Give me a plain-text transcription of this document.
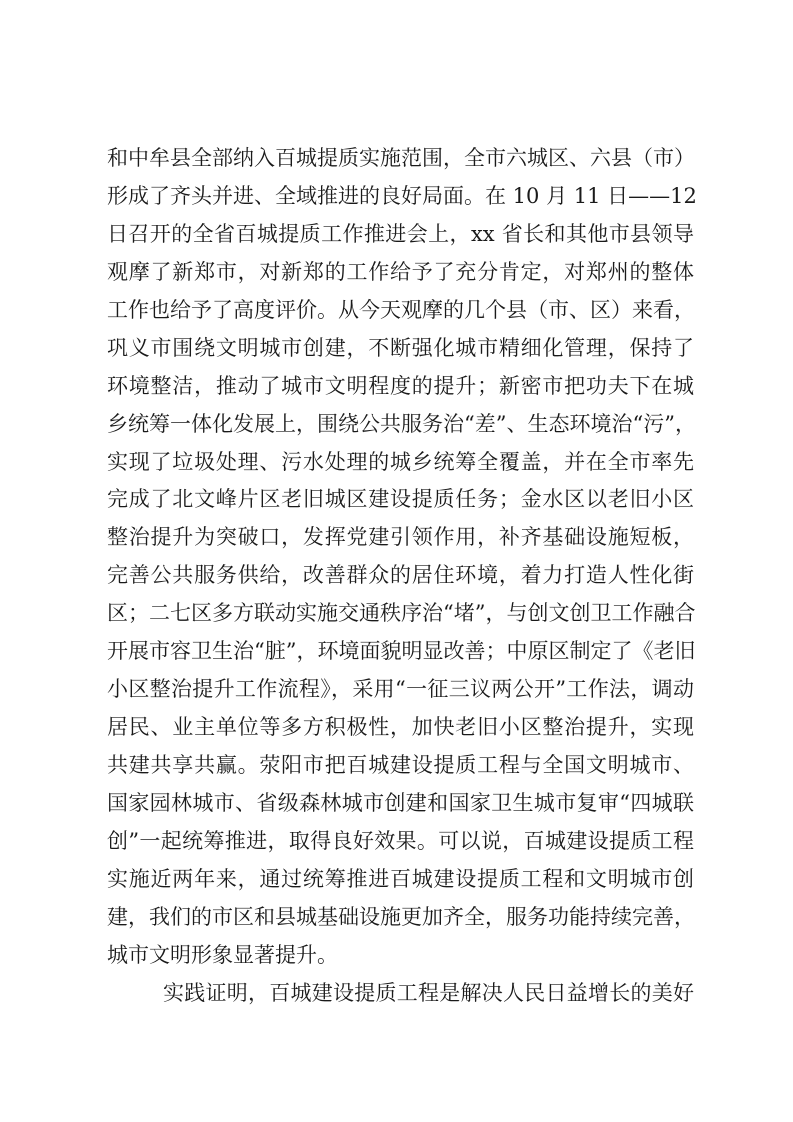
和中牟县全部纳入百城提质实施范围，全市六城区、六县（市）
形成了齐头并进、全域推进的良好局面。在 10 月 11 日——12
日召开的全省百城提质工作推进会上，xx 省长和其他市县领导
观摩了新郑市，对新郑的工作给予了充分肯定，对郑州的整体
工作也给予了高度评价。从今天观摩的几个县（市、区）来看，
巩义市围绕文明城市创建，不断强化城市精细化管理，保持了
环境整洁，推动了城市文明程度的提升；新密市把功夫下在城
乡统筹一体化发展上，围绕公共服务治“差”、生态环境治“污”，
实现了垃圾处理、污水处理的城乡统筹全覆盖，并在全市率先
完成了北文峰片区老旧城区建设提质任务；金水区以老旧小区
整治提升为突破口，发挥党建引领作用，补齐基础设施短板，
完善公共服务供给，改善群众的居住环境，着力打造人性化街
区；二七区多方联动实施交通秩序治“堵”，与创文创卫工作融合
开展市容卫生治“脏”，环境面貌明显改善；中原区制定了《老旧
小区整治提升工作流程》，采用“一征三议两公开”工作法，调动
居民、业主单位等多方积极性，加快老旧小区整治提升，实现
共建共享共赢。荥阳市把百城建设提质工程与全国文明城市、
国家园林城市、省级森林城市创建和国家卫生城市复审“四城联
创”一起统筹推进，取得良好效果。可以说，百城建设提质工程
实施近两年来，通过统筹推进百城建设提质工程和文明城市创
建，我们的市区和县城基础设施更加齐全，服务功能持续完善，
城市文明形象显著提升。
实践证明，百城建设提质工程是解决人民日益增长的美好
